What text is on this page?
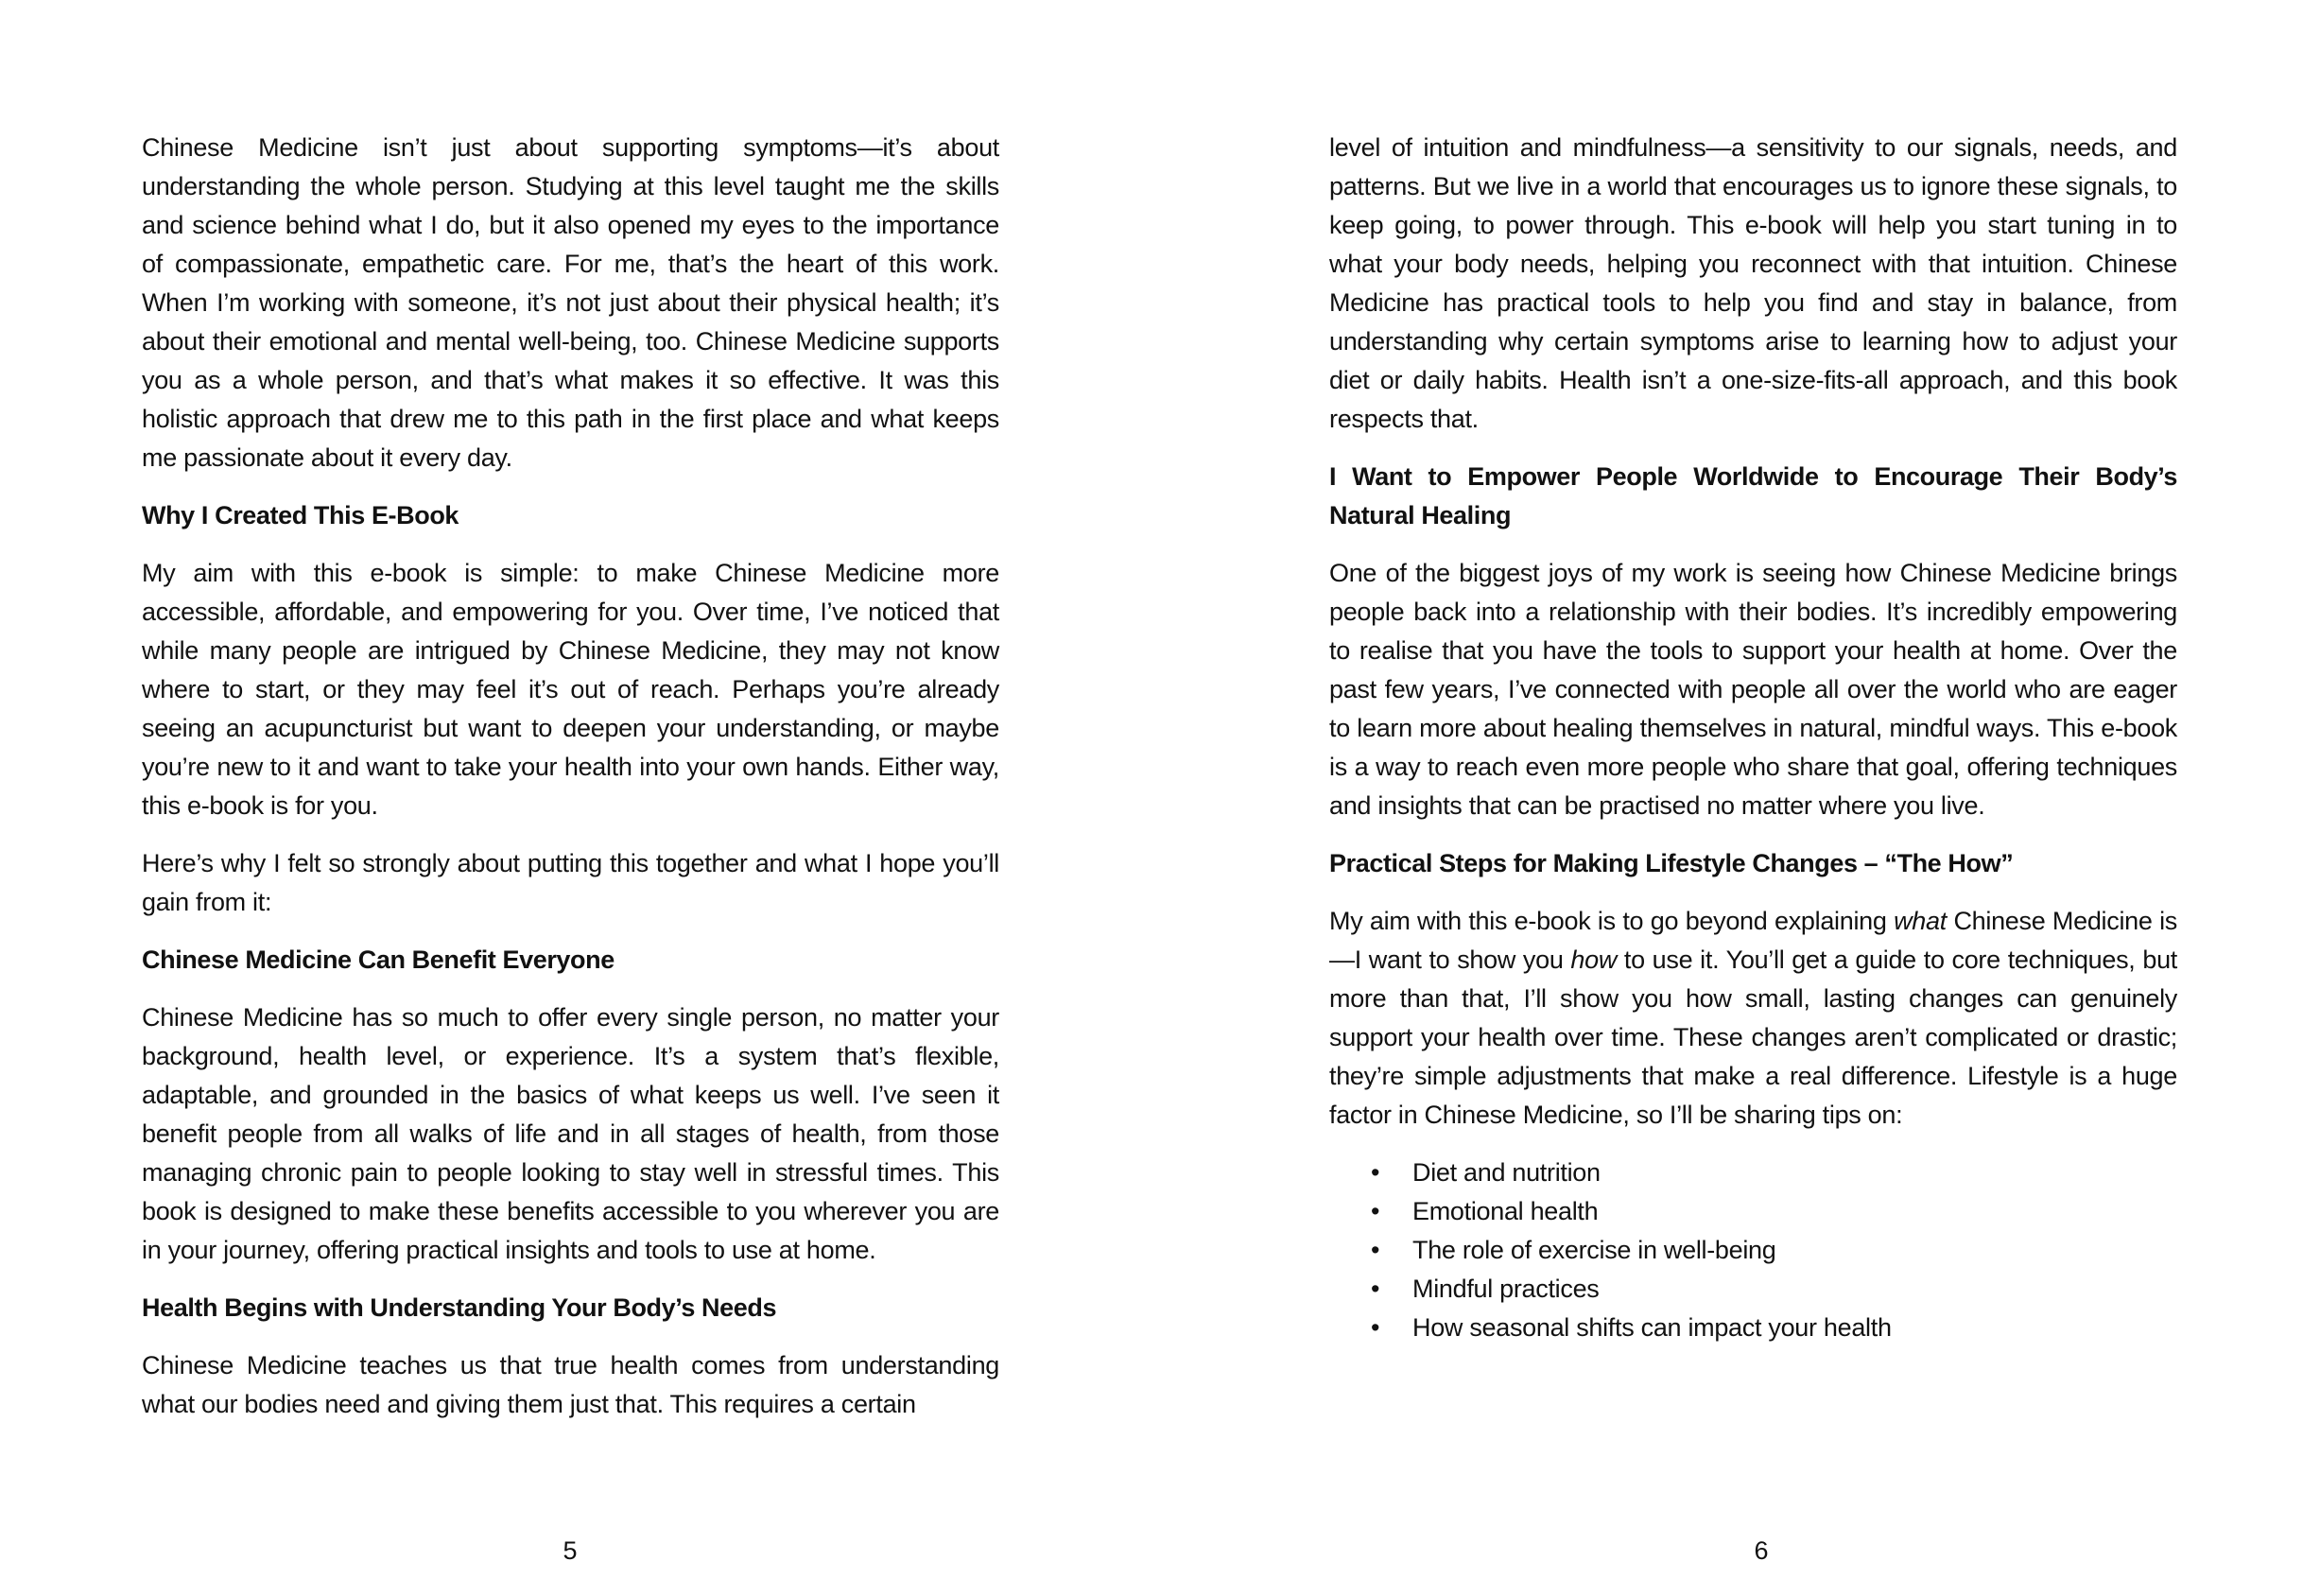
Chinese Medicine isn’t just about supporting symptoms—it’s about understanding the whole person. Studying at this level taught me the skills and science behind what I do, but it also opened my eyes to the importance of compassionate, empathetic care. For me, that’s the heart of this work. When I’m working with someone, it’s not just about their physical health; it’s about their emotional and mental well-being, too. Chinese Medicine supports you as a whole person, and that’s what makes it so effective. It was this holistic approach that drew me to this path in the first place and what keeps me passionate about it every day.

Why I Created This E-Book

My aim with this e-book is simple: to make Chinese Medicine more accessible, affordable, and empowering for you. Over time, I’ve noticed that while many people are intrigued by Chinese Medicine, they may not know where to start, or they may feel it’s out of reach. Perhaps you’re already seeing an acupuncturist but want to deepen your understanding, or maybe you’re new to it and want to take your health into your own hands. Either way, this e-book is for you.

Here’s why I felt so strongly about putting this together and what I hope you’ll gain from it:

Chinese Medicine Can Benefit Everyone

Chinese Medicine has so much to offer every single person, no matter your background, health level, or experience. It’s a system that’s flexible, adaptable, and grounded in the basics of what keeps us well. I’ve seen it benefit people from all walks of life and in all stages of health, from those managing chronic pain to people looking to stay well in stressful times. This book is designed to make these benefits accessible to you wherever you are in your journey, offering practical insights and tools to use at home.

Health Begins with Understanding Your Body’s Needs

Chinese Medicine teaches us that true health comes from understanding what our bodies need and giving them just that. This requires a certain

5

level of intuition and mindfulness—a sensitivity to our signals, needs, and patterns. But we live in a world that encourages us to ignore these signals, to keep going, to power through. This e-book will help you start tuning in to what your body needs, helping you reconnect with that intuition. Chinese Medicine has practical tools to help you find and stay in balance, from understanding why certain symptoms arise to learning how to adjust your diet or daily habits. Health isn’t a one-size-fits-all approach, and this book respects that.

I Want to Empower People Worldwide to Encourage Their Body’s Natural Healing

One of the biggest joys of my work is seeing how Chinese Medicine brings people back into a relationship with their bodies. It’s incredibly empowering to realise that you have the tools to support your health at home. Over the past few years, I’ve connected with people all over the world who are eager to learn more about healing themselves in natural, mindful ways. This e-book is a way to reach even more people who share that goal, offering techniques and insights that can be practised no matter where you live.

Practical Steps for Making Lifestyle Changes – “The How”

My aim with this e-book is to go beyond explaining what Chinese Medicine is—I want to show you how to use it. You’ll get a guide to core techniques, but more than that, I’ll show you how small, lasting changes can genuinely support your health over time. These changes aren’t complicated or drastic; they’re simple adjustments that make a real difference. Lifestyle is a huge factor in Chinese Medicine, so I’ll be sharing tips on:

• Diet and nutrition
• Emotional health
• The role of exercise in well-being
• Mindful practices
• How seasonal shifts can impact your health
6
